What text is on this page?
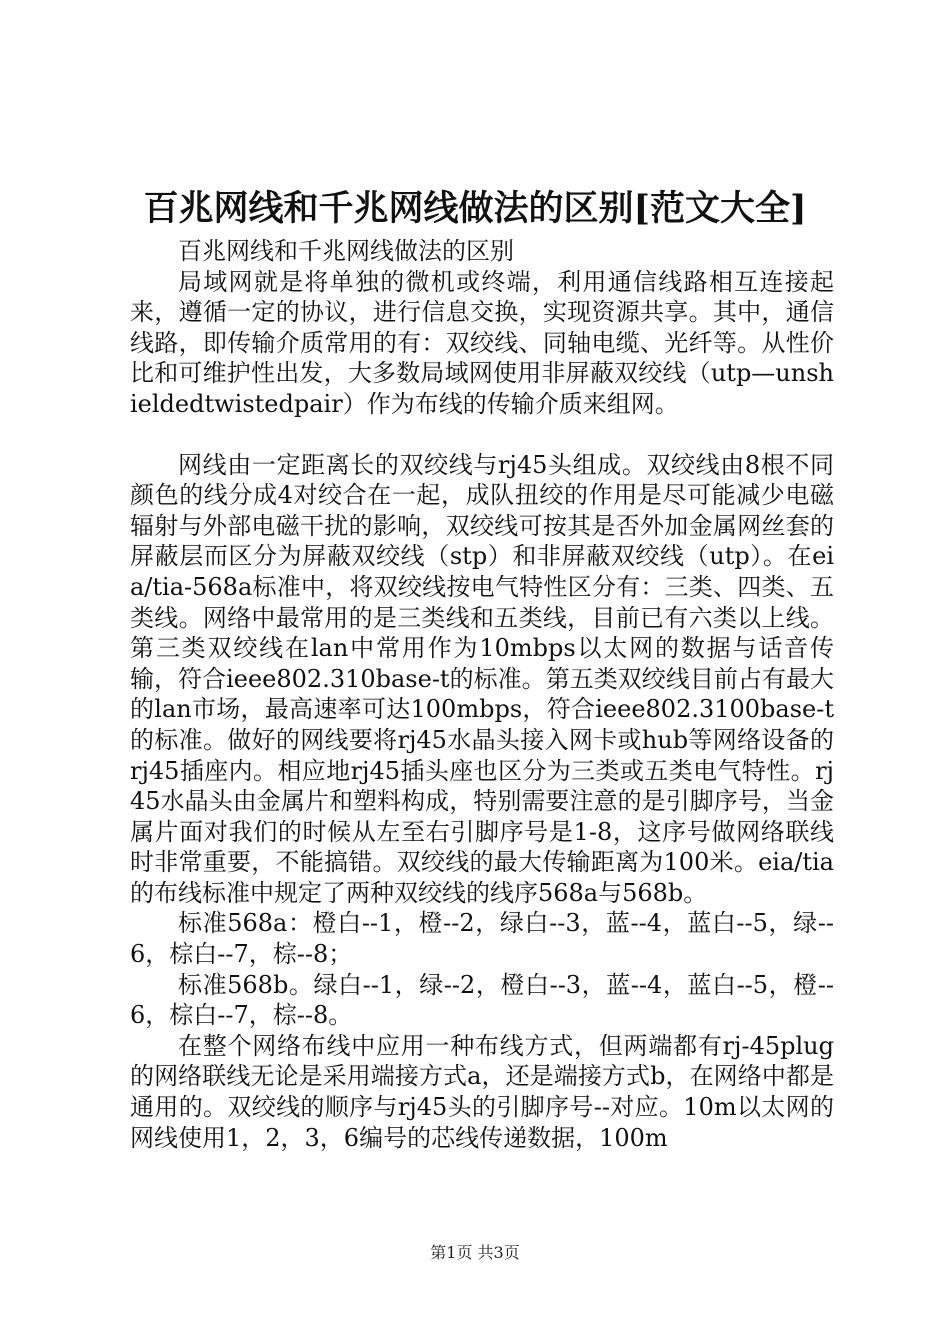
百兆网线和千兆网线做法的区别[范文大全]

百兆网线和千兆网线做法的区别

局域网就是将单独的微机或终端，利用通信线路相互连接起来，遵循一定的协议，进行信息交换，实现资源共享。其中，通信线路，即传输介质常用的有：双绞线、同轴电缆、光纤等。从性价比和可维护性出发，大多数局域网使用非屏蔽双绞线（utp—unshieldedtwistedpair）作为布线的传输介质来组网。

网线由一定距离长的双绞线与rj45头组成。双绞线由8根不同颜色的线分成4对绞合在一起，成队扭绞的作用是尽可能减少电磁辐射与外部电磁干扰的影响，双绞线可按其是否外加金属网丝套的屏蔽层而区分为屏蔽双绞线（stp）和非屏蔽双绞线（utp）。在eia/tia-568a标准中，将双绞线按电气特性区分有：三类、四类、五类线。网络中最常用的是三类线和五类线，目前已有六类以上线。第三类双绞线在lan中常用作为10mbps以太网的数据与话音传输，符合ieee802.310base-t的标准。第五类双绞线目前占有最大的lan市场，最高速率可达100mbps，符合ieee802.3100base-t的标准。做好的网线要将rj45水晶头接入网卡或hub等网络设备的rj45插座内。相应地rj45插头座也区分为三类或五类电气特性。rj45水晶头由金属片和塑料构成，特别需要注意的是引脚序号，当金属片面对我们的时候从左至右引脚序号是1-8，这序号做网络联线时非常重要，不能搞错。双绞线的最大传输距离为100米。eia/tia的布线标准中规定了两种双绞线的线序568a与568b。

标准568a：橙白--1，橙--2，绿白--3，蓝--4，蓝白--5，绿--6，棕白--7，棕--8；

标准568b。绿白--1，绿--2，橙白--3，蓝--4，蓝白--5，橙--6，棕白--7，棕--8。

在整个网络布线中应用一种布线方式，但两端都有rj-45plug的网络联线无论是采用端接方式a，还是端接方式b，在网络中都是通用的。双绞线的顺序与rj45头的引脚序号--对应。10m以太网的网线使用1，2，3，6编号的芯线传递数据，100m

第1页 共3页
